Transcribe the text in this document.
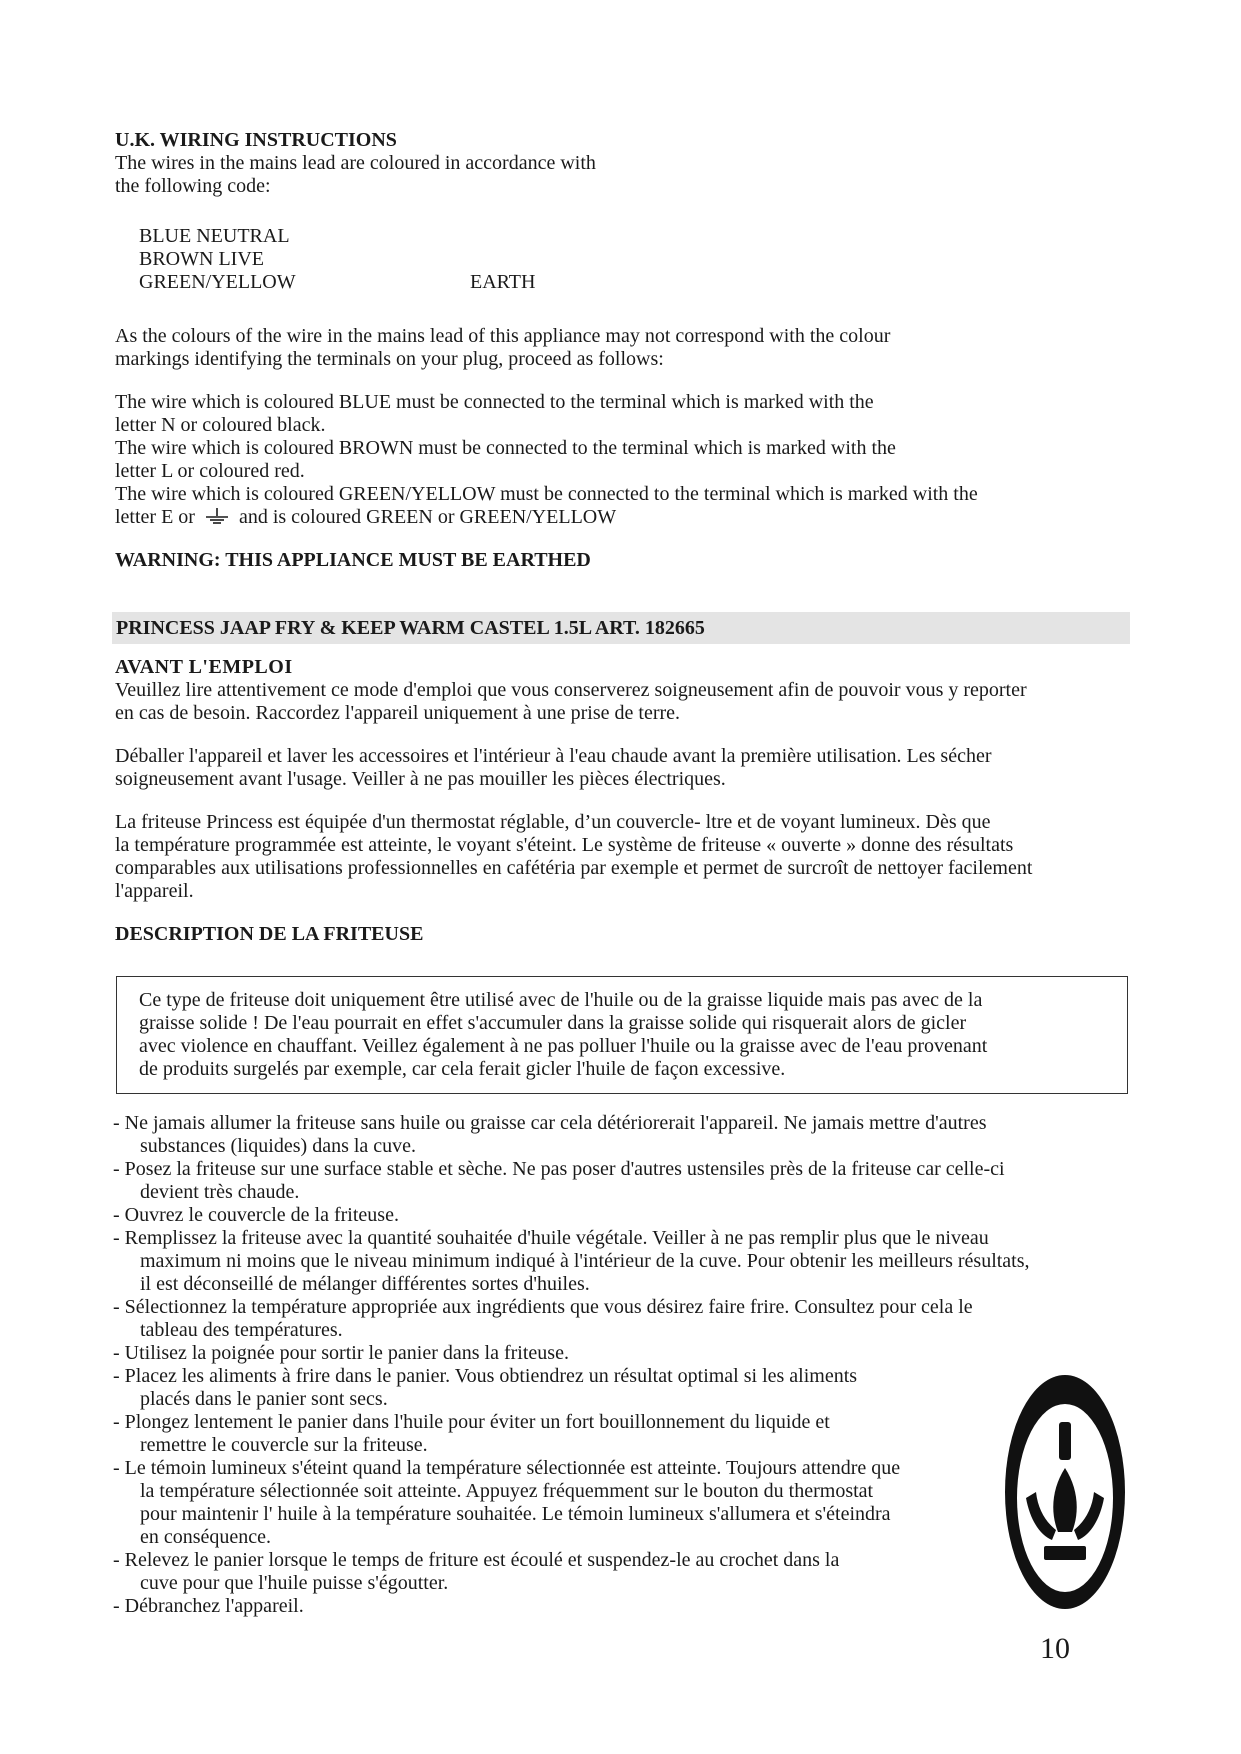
U.K. WIRING INSTRUCTIONS

The wires in the mains lead are coloured in accordance with

the following code:

BLUE NEUTRAL
BROWN LIVE
GREEN/YELLOW	EARTH

As the colours of the wire in the mains lead of this appliance may not correspond with the colour

markings identifying the terminals on your plug, proceed as follows:

The wire which is coloured BLUE must be connected to the terminal which is marked with the

letter N or coloured black.

The wire which is coloured BROWN must be connected to the terminal which is marked with the

letter L or coloured red.

The wire which is coloured GREEN/YELLOW must be connected to the terminal which is marked with the

letter E or and is coloured GREEN or GREEN/YELLOW

WARNING: THIS APPLIANCE MUST BE EARTHED

PRINCESS JAAP FRY & KEEP WARM CASTEL 1.5L ART. 182665

AVANT L'EMPLOI

Veuillez lire attentivement ce mode d'emploi que vous conserverez soigneusement afin de pouvoir vous y reporter

en cas de besoin. Raccordez l'appareil uniquement à une prise de terre.

Déballer l'appareil et laver les accessoires et l'intérieur à l'eau chaude avant la première utilisation. Les sécher

soigneusement avant l'usage. Veiller à ne pas mouiller les pièces électriques.

La friteuse Princess est équipée d'un thermostat réglable, d’un couvercle- ltre et de voyant lumineux. Dès que

la température programmée est atteinte, le voyant s'éteint. Le système de friteuse « ouverte » donne des résultats

comparables aux utilisations professionnelles en cafétéria par exemple et permet de surcroît de nettoyer facilement

l'appareil.

DESCRIPTION DE LA FRITEUSE

Ce type de friteuse doit uniquement être utilisé avec de l'huile ou de la graisse liquide mais pas avec de la

graisse solide ! De l'eau pourrait en effet s'accumuler dans la graisse solide qui risquerait alors de gicler

avec violence en chauffant. Veillez également à ne pas polluer l'huile ou la graisse avec de l'eau provenant

de produits surgelés par exemple, car cela ferait gicler l'huile de façon excessive.

- Ne jamais allumer la friteuse sans huile ou graisse car cela détériorerait l'appareil. Ne jamais mettre d'autres

substances (liquides) dans la cuve.

- Posez la friteuse sur une surface stable et sèche. Ne pas poser d'autres ustensiles près de la friteuse car celle-ci

devient très chaude.

- Ouvrez le couvercle de la friteuse.

- Remplissez la friteuse avec la quantité souhaitée d'huile végétale. Veiller à ne pas remplir plus que le niveau

maximum ni moins que le niveau minimum indiqué à l'intérieur de la cuve. Pour obtenir les meilleurs résultats,

il est déconseillé de mélanger différentes sortes d'huiles.

- Sélectionnez la température appropriée aux ingrédients que vous désirez faire frire. Consultez pour cela le

tableau des températures.

- Utilisez la poignée pour sortir le panier dans la friteuse.

- Placez les aliments à frire dans le panier. Vous obtiendrez un résultat optimal si les aliments

placés dans le panier sont secs.

- Plongez lentement le panier dans l'huile pour éviter un fort bouillonnement du liquide et

remettre le couvercle sur la friteuse.

- Le témoin lumineux s'éteint quand la température sélectionnée est atteinte. Toujours attendre que

la température sélectionnée soit atteinte. Appuyez fréquemment sur le bouton du thermostat

pour maintenir l' huile à la température souhaitée. Le témoin lumineux s'allumera et s'éteindra

en conséquence.

- Relevez le panier lorsque le temps de friture est écoulé et suspendez-le au crochet dans la

cuve pour que l'huile puisse s'égoutter.

- Débranchez l'appareil.

10
